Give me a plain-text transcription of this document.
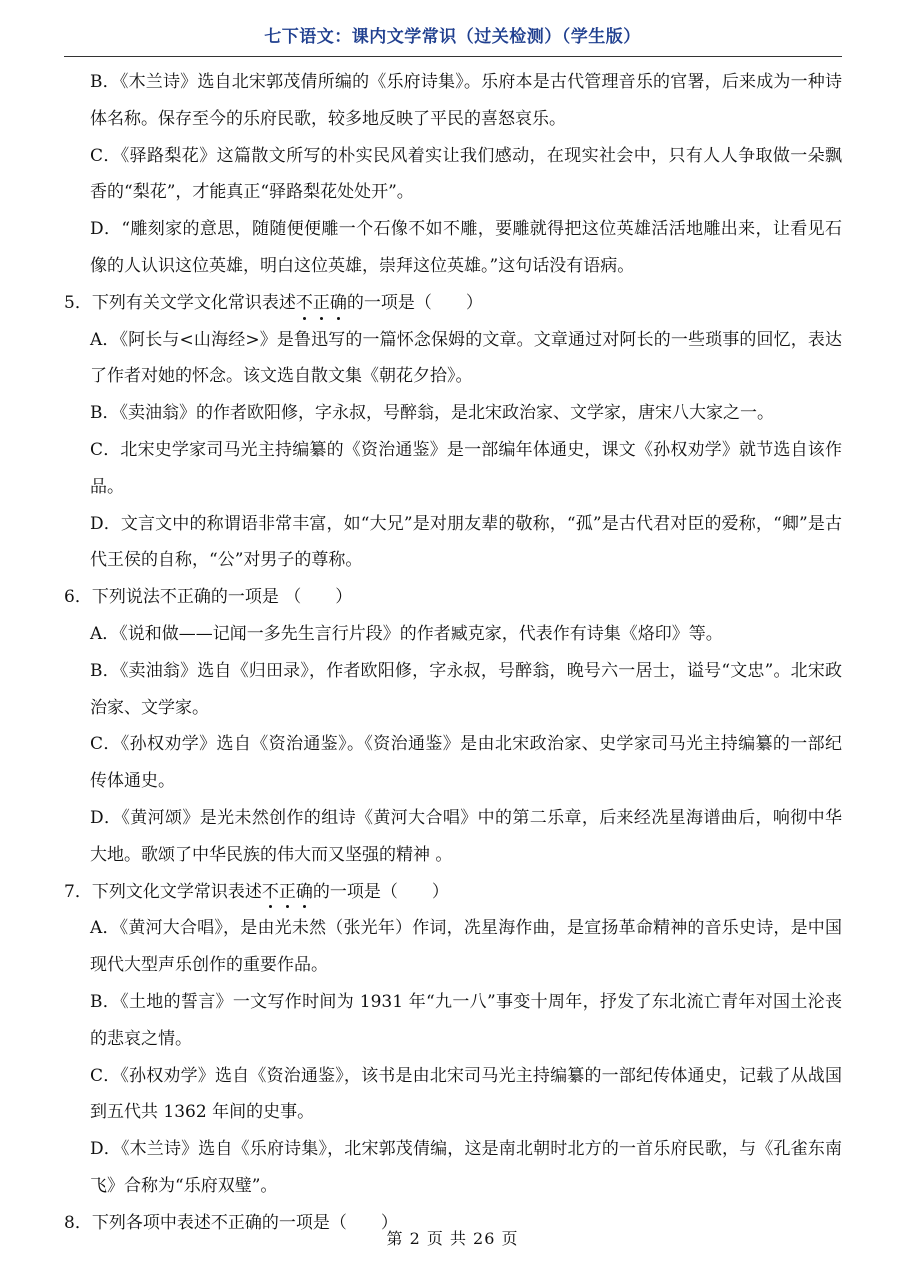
七下语文：课内文学常识（过关检测）（学生版）
B．《木兰诗》选自北宋郭茂倩所编的《乐府诗集》。乐府本是古代管理音乐的官署，后来成为一种诗体名称。保存至今的乐府民歌，较多地反映了平民的喜怒哀乐。
C．《驿路梨花》这篇散文所写的朴实民风着实让我们感动，在现实社会中，只有人人争取做一朵飘香的“梨花”，才能真正“驿路梨花处处开”。
D．“雕刻家的意思，随随便便雕一个石像不如不雕，要雕就得把这位英雄活活地雕出来，让看见石像的人认识这位英雄，明白这位英雄，崇拜这位英雄。”这句话没有语病。
5．下列有关文学文化常识表述不正确的一项是（　　）
A．《阿长与<山海经>》是鲁迅写的一篇怀念保姆的文章。文章通过对阿长的一些琐事的回忆，表达了作者对她的怀念。该文选自散文集《朝花夕拾》。
B．《卖油翁》的作者欧阳修，字永叔，号醉翁，是北宋政治家、文学家，唐宋八大家之一。
C．北宋史学家司马光主持编纂的《资治通鉴》是一部编年体通史，课文《孙权劝学》就节选自该作品。
D．文言文中的称谓语非常丰富，如“大兄”是对朋友辈的敬称，“孤”是古代君对臣的爱称，“卿”是古代王侯的自称，“公”对男子的尊称。
6．下列说法不正确的一项是 （　　）
A．《说和做——记闻一多先生言行片段》的作者臧克家，代表作有诗集《烙印》等。
B．《卖油翁》选自《归田录》，作者欧阳修，字永叔，号醉翁，晚号六一居士，谥号“文忠”。北宋政治家、文学家。
C．《孙权劝学》选自《资治通鉴》。《资治通鉴》是由北宋政治家、史学家司马光主持编纂的一部纪传体通史。
D．《黄河颂》是光未然创作的组诗《黄河大合唱》中的第二乐章，后来经冼星海谱曲后，响彻中华大地。歌颂了中华民族的伟大而又坚强的精神 。
7．下列文化文学常识表述不正确的一项是（　　）
A．《黄河大合唱》，是由光未然（张光年）作词，冼星海作曲，是宣扬革命精神的音乐史诗，是中国现代大型声乐创作的重要作品。
B．《土地的誓言》一文写作时间为 1931 年“九一八”事变十周年，抒发了东北流亡青年对国土沦丧的悲哀之情。
C．《孙权劝学》选自《资治通鉴》，该书是由北宋司马光主持编纂的一部纪传体通史，记载了从战国到五代共 1362 年间的史事。
D．《木兰诗》选自《乐府诗集》，北宋郭茂倩编，这是南北朝时北方的一首乐府民歌，与《孔雀东南飞》合称为“乐府双璧”。
8．下列各项中表述不正确的一项是（　　）
第 2 页 共 26 页
